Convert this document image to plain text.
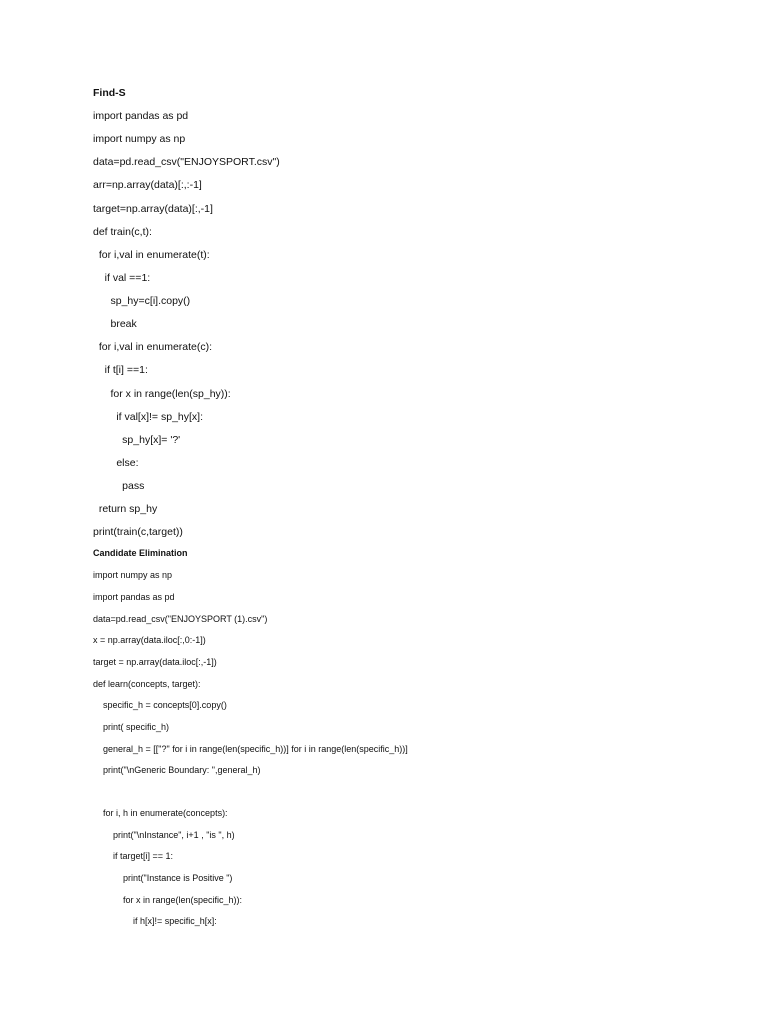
Find-S
import pandas as pd
import numpy as np
data=pd.read_csv("ENJOYSPORT.csv")
arr=np.array(data)[:,:-1]
target=np.array(data)[:,-1]
def train(c,t):
for i,val in enumerate(t):
if val ==1:
sp_hy=c[i].copy()
break
for i,val in enumerate(c):
if t[i] ==1:
for x in range(len(sp_hy)):
if val[x]!= sp_hy[x]:
sp_hy[x]= '?'
else:
pass
return sp_hy
print(train(c,target))
Candidate Elimination
import numpy as np
import pandas as pd
data=pd.read_csv("ENJOYSPORT (1).csv")
x = np.array(data.iloc[:,0:-1])
target = np.array(data.iloc[:,-1])
def learn(concepts, target):
specific_h = concepts[0].copy()
print( specific_h)
general_h = [["?" for i in range(len(specific_h))] for i in range(len(specific_h))]
print("\nGeneric Boundary: ",general_h)
for i, h in enumerate(concepts):
print("\nInstance", i+1 , "is ", h)
if target[i] == 1:
print("Instance is Positive ")
for x in range(len(specific_h)):
if h[x]!= specific_h[x]:
